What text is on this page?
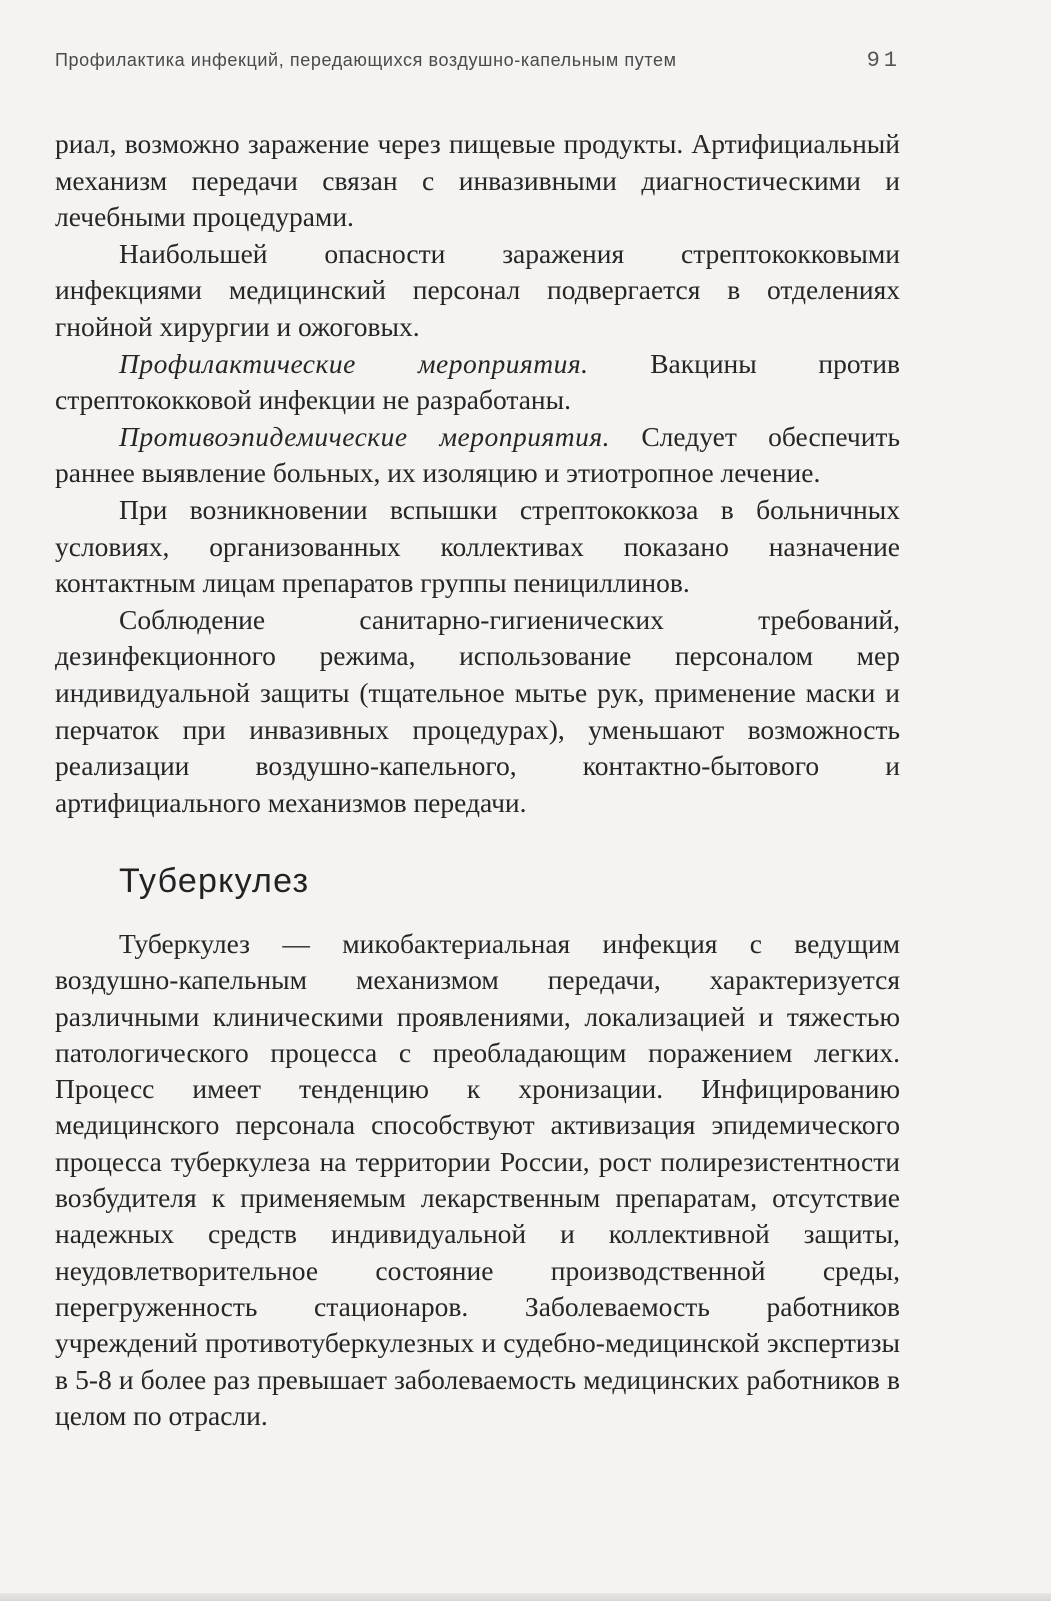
Профилактика инфекций, передающихся воздушно-капельным путем	91

риал, возможно заражение через пищевые продукты. Артифициальный механизм передачи связан с инвазивными диагностическими и лечебными процедурами.

Наибольшей опасности заражения стрептококковыми инфекциями медицинский персонал подвергается в отделениях гнойной хирургии и ожоговых.

Профилактические мероприятия. Вакцины против стрептококковой инфекции не разработаны.

Противоэпидемические мероприятия. Следует обеспечить раннее выявление больных, их изоляцию и этиотропное лечение.

При возникновении вспышки стрептококкоза в больничных условиях, организованных коллективах показано назначение контактным лицам препаратов группы пенициллинов.

Соблюдение санитарно-гигиенических требований, дезинфекционного режима, использование персоналом мер индивидуальной защиты (тщательное мытье рук, применение маски и перчаток при инвазивных процедурах), уменьшают возможность реализации воздушно-капельного, контактно-бытового и артифициального механизмов передачи.

Туберкулез

Туберкулез — микобактериальная инфекция с ведущим воздушно-капельным механизмом передачи, характеризуется различными клиническими проявлениями, локализацией и тяжестью патологического процесса с преобладающим поражением легких. Процесс имеет тенденцию к хронизации. Инфицированию медицинского персонала способствуют активизация эпидемического процесса туберкулеза на территории России, рост полирезистентности возбудителя к применяемым лекарственным препаратам, отсутствие надежных средств индивидуальной и коллективной защиты, неудовлетворительное состояние производственной среды, перегруженность стационаров. Заболеваемость работников учреждений противотуберкулезных и судебно-медицинской экспертизы в 5-8 и более раз превышает заболеваемость медицинских работников в целом по отрасли.
